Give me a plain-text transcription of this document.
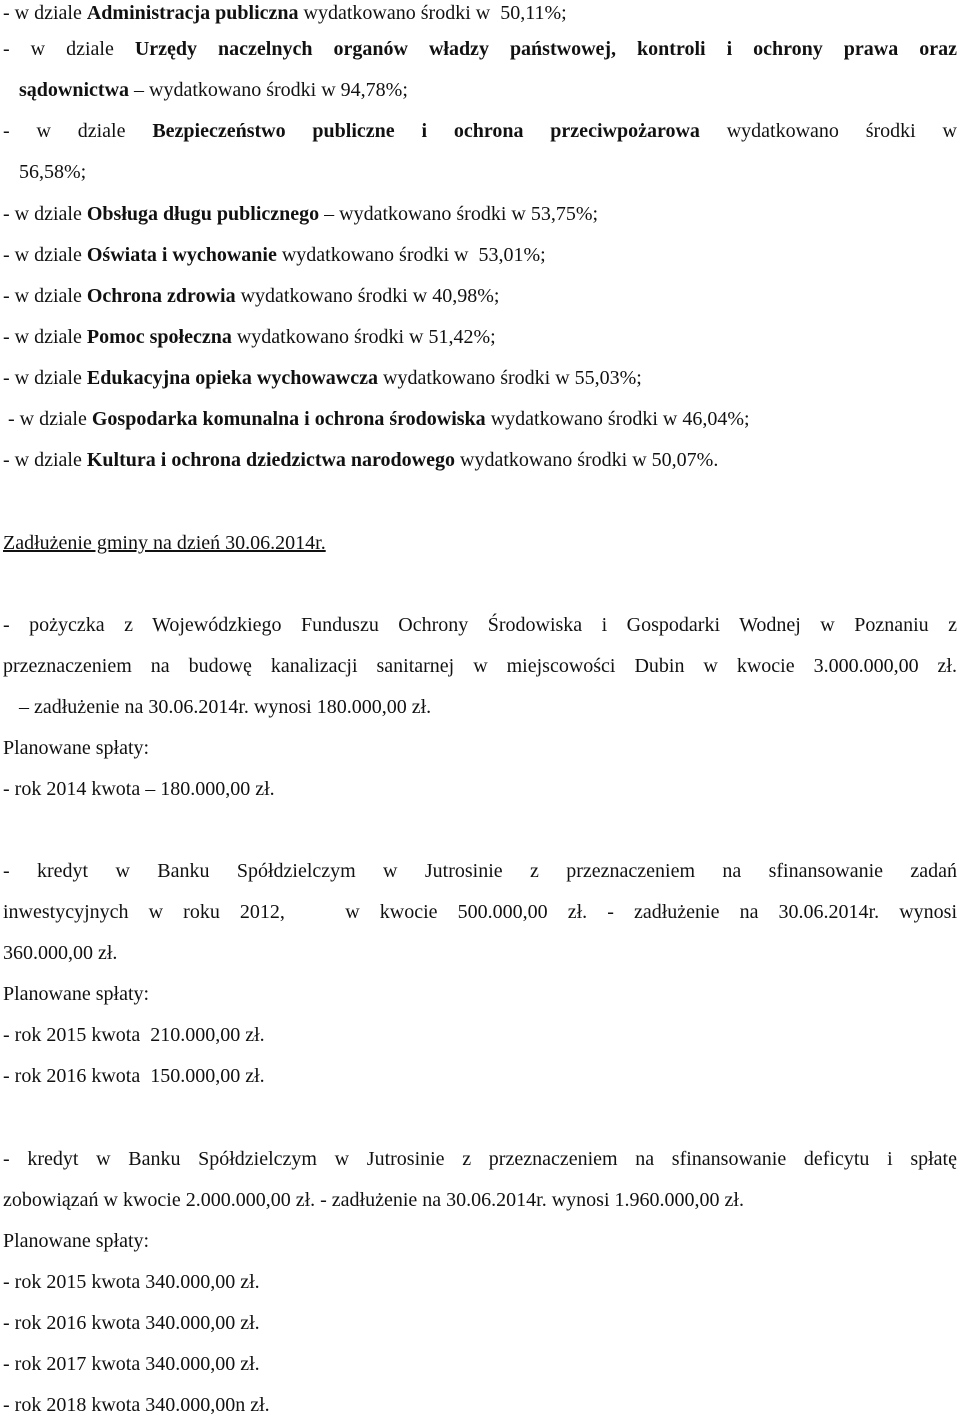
- w dziale Administracja publiczna wydatkowano środki w  50,11%;
- w dziale Urzędy naczelnych organów władzy państwowej, kontroli i ochrony prawa oraz
sądownictwa – wydatkowano środki w 94,78%;
- w dziale Bezpieczeństwo publiczne i ochrona przeciwpożarowa wydatkowano środki w
56,58%;
- w dziale Obsługa długu publicznego – wydatkowano środki w 53,75%;
- w dziale Oświata i wychowanie wydatkowano środki w  53,01%;
- w dziale Ochrona zdrowia wydatkowano środki w 40,98%;
- w dziale Pomoc społeczna wydatkowano środki w 51,42%;
- w dziale Edukacyjna opieka wychowawcza wydatkowano środki w 55,03%;
- w dziale Gospodarka komunalna i ochrona środowiska wydatkowano środki w 46,04%;
- w dziale Kultura i ochrona dziedzictwa narodowego wydatkowano środki w 50,07%.
Zadłużenie gminy na dzień 30.06.2014r.
- pożyczka z Wojewódzkiego Funduszu Ochrony Środowiska i Gospodarki Wodnej w Poznaniu z
przeznaczeniem na budowę kanalizacji sanitarnej w miejscowości Dubin w kwocie 3.000.000,00 zł.
– zadłużenie na 30.06.2014r. wynosi 180.000,00 zł.
Planowane spłaty:
- rok 2014 kwota – 180.000,00 zł.
- kredyt w Banku Spółdzielczym w Jutrosinie z przeznaczeniem na sfinansowanie zadań
inwestycyjnych w roku 2012,   w kwocie 500.000,00 zł. - zadłużenie na 30.06.2014r. wynosi
360.000,00 zł.
Planowane spłaty:
- rok 2015 kwota  210.000,00 zł.
- rok 2016 kwota  150.000,00 zł.
- kredyt w Banku Spółdzielczym w Jutrosinie z przeznaczeniem na sfinansowanie deficytu i spłatę
zobowiązań w kwocie 2.000.000,00 zł. - zadłużenie na 30.06.2014r. wynosi 1.960.000,00 zł.
Planowane spłaty:
- rok 2015 kwota 340.000,00 zł.
- rok 2016 kwota 340.000,00 zł.
- rok 2017 kwota 340.000,00 zł.
- rok 2018 kwota 340.000,00n zł.
